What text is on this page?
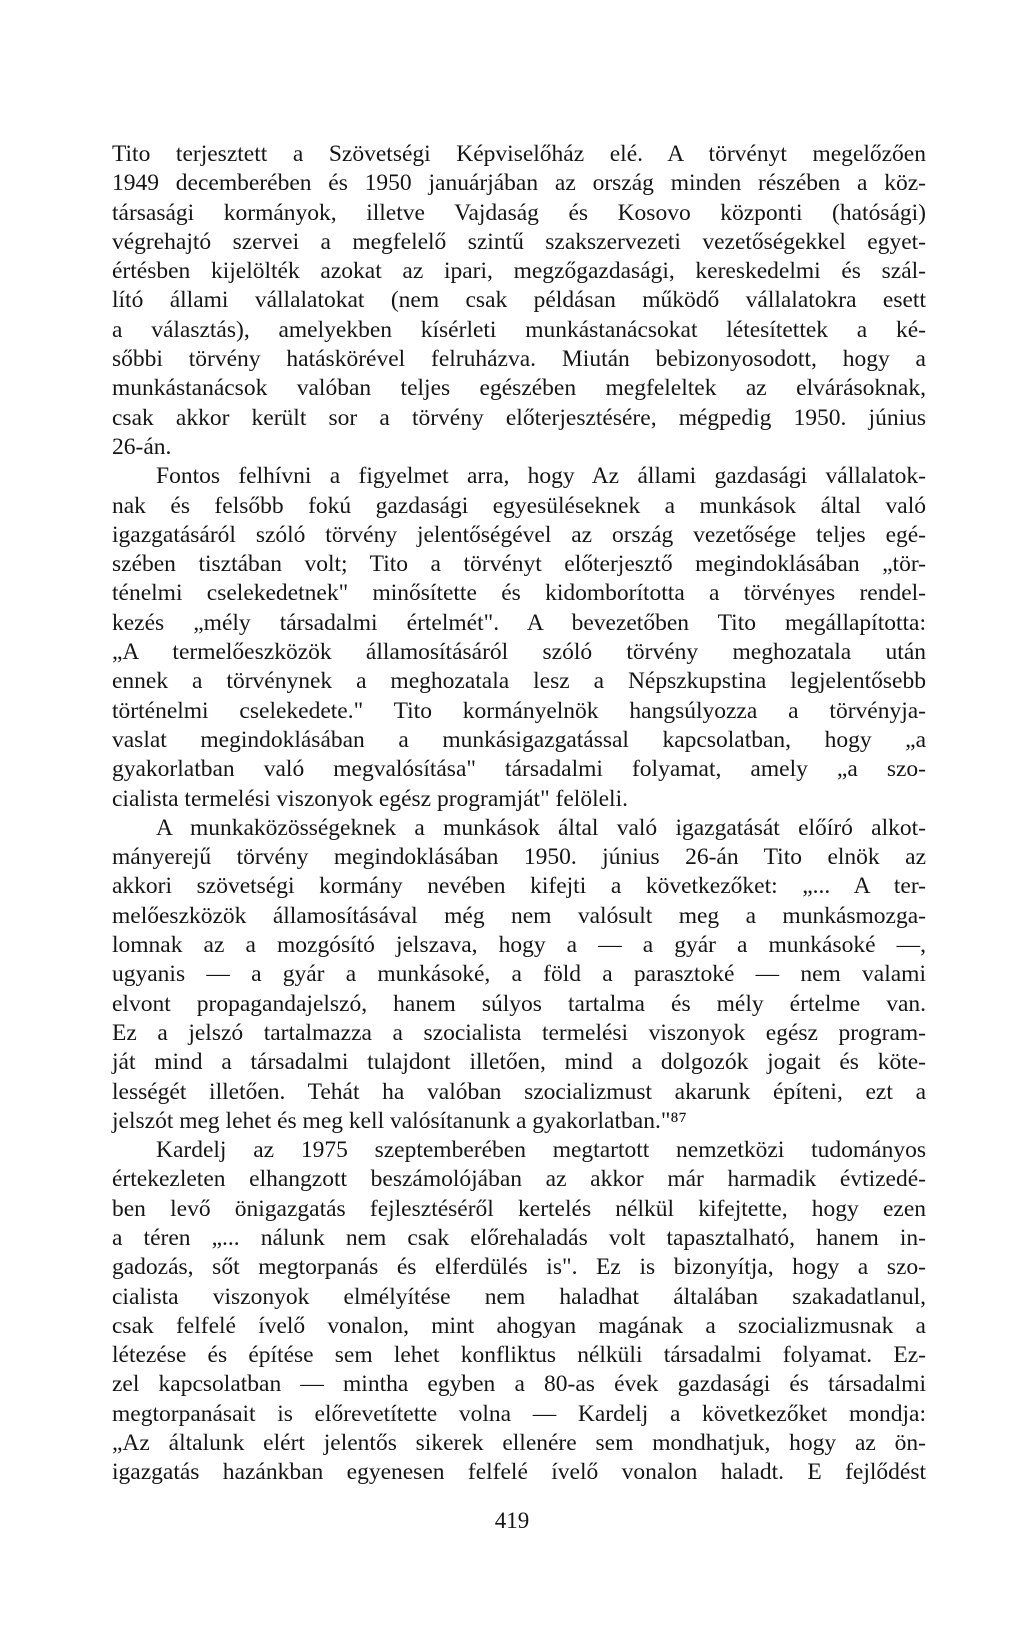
Tito terjesztett a Szövetségi Képviselőház elé. A törvényt megelőzően
1949 decemberében és 1950 januárjában az ország minden részében a köz-
társasági kormányok, illetve Vajdaság és Kosovo központi (hatósági)
végrehajtó szervei a megfelelő szintű szakszervezeti vezetőségekkel egyet-
értésben kijelölték azokat az ipari, megzőgazdasági, kereskedelmi és szál-
lító állami vállalatokat (nem csak példásan működő vállalatokra esett
a választás), amelyekben kísérleti munkástanácsokat létesítettek a ké-
sőbbi törvény hatáskörével felruházva. Miután bebizonyosodott, hogy a
munkástanácsok valóban teljes egészében megfeleltek az elvárásoknak,
csak akkor került sor a törvény előterjesztésére, mégpedig 1950. június
26-án.
Fontos felhívni a figyelmet arra, hogy Az állami gazdasági vállalatok-
nak és felsőbb fokú gazdasági egyesüléseknek a munkások által való
igazgatásáról szóló törvény jelentőségével az ország vezetősége teljes egé-
szében tisztában volt; Tito a törvényt előterjesztő megindoklásában „tör-
ténelmi cselekedetnek" minősítette és kidomborította a törvényes rendel-
kezés „mély társadalmi értelmét". A bevezetőben Tito megállapította:
„A termelőeszközök államosításáról szóló törvény meghozatala után
ennek a törvénynek a meghozatala lesz a Népszkupstina legjelentősebb
történelmi cselekedete." Tito kormányelnök hangsúlyozza a törvényja-
vaslat megindoklásában a munkásigazgatással kapcsolatban, hogy „a
gyakorlatban való megvalósítása" társadalmi folyamat, amely „a szo-
cialista termelési viszonyok egész programját" felöleli.
A munkaközösségeknek a munkások által való igazgatását előíró alkot-
mányerejű törvény megindoklásában 1950. június 26-án Tito elnök az
akkori szövetségi kormány nevében kifejti a következőket: „... A ter-
melőeszközök államosításával még nem valósult meg a munkásmozga-
lomnak az a mozgósító jelszava, hogy a — a gyár a munkásoké —,
ugyanis — a gyár a munkásoké, a föld a parasztoké — nem valami
elvont propagandajelszó, hanem súlyos tartalma és mély értelme van.
Ez a jelszó tartalmazza a szocialista termelési viszonyok egész program-
ját mind a társadalmi tulajdont illetően, mind a dolgozók jogait és köte-
lességét illetően. Tehát ha valóban szocializmust akarunk építeni, ezt a
jelszót meg lehet és meg kell valósítanunk a gyakorlatban."⁸⁷
Kardelj az 1975 szeptemberében megtartott nemzetközi tudományos
értekezleten elhangzott beszámolójában az akkor már harmadik évtizedé-
ben levő önigazgatás fejlesztéséről kertelés nélkül kifejtette, hogy ezen
a téren „... nálunk nem csak előrehaladás volt tapasztalható, hanem in-
gadozás, sőt megtorpanás és elferdülés is". Ez is bizonyítja, hogy a szo-
cialista viszonyok elmélyítése nem haladhat általában szakadatlanul,
csak felfelé ívelő vonalon, mint ahogyan magának a szocializmusnak a
létezése és építése sem lehet konfliktus nélküli társadalmi folyamat. Ez-
zel kapcsolatban — mintha egyben a 80-as évek gazdasági és társadalmi
megtorpanásait is előrevetítette volna — Kardelj a következőket mondja:
„Az általunk elért jelentős sikerek ellenére sem mondhatjuk, hogy az ön-
igazgatás hazánkban egyenesen felfelé ívelő vonalon haladt. E fejlődést
419
